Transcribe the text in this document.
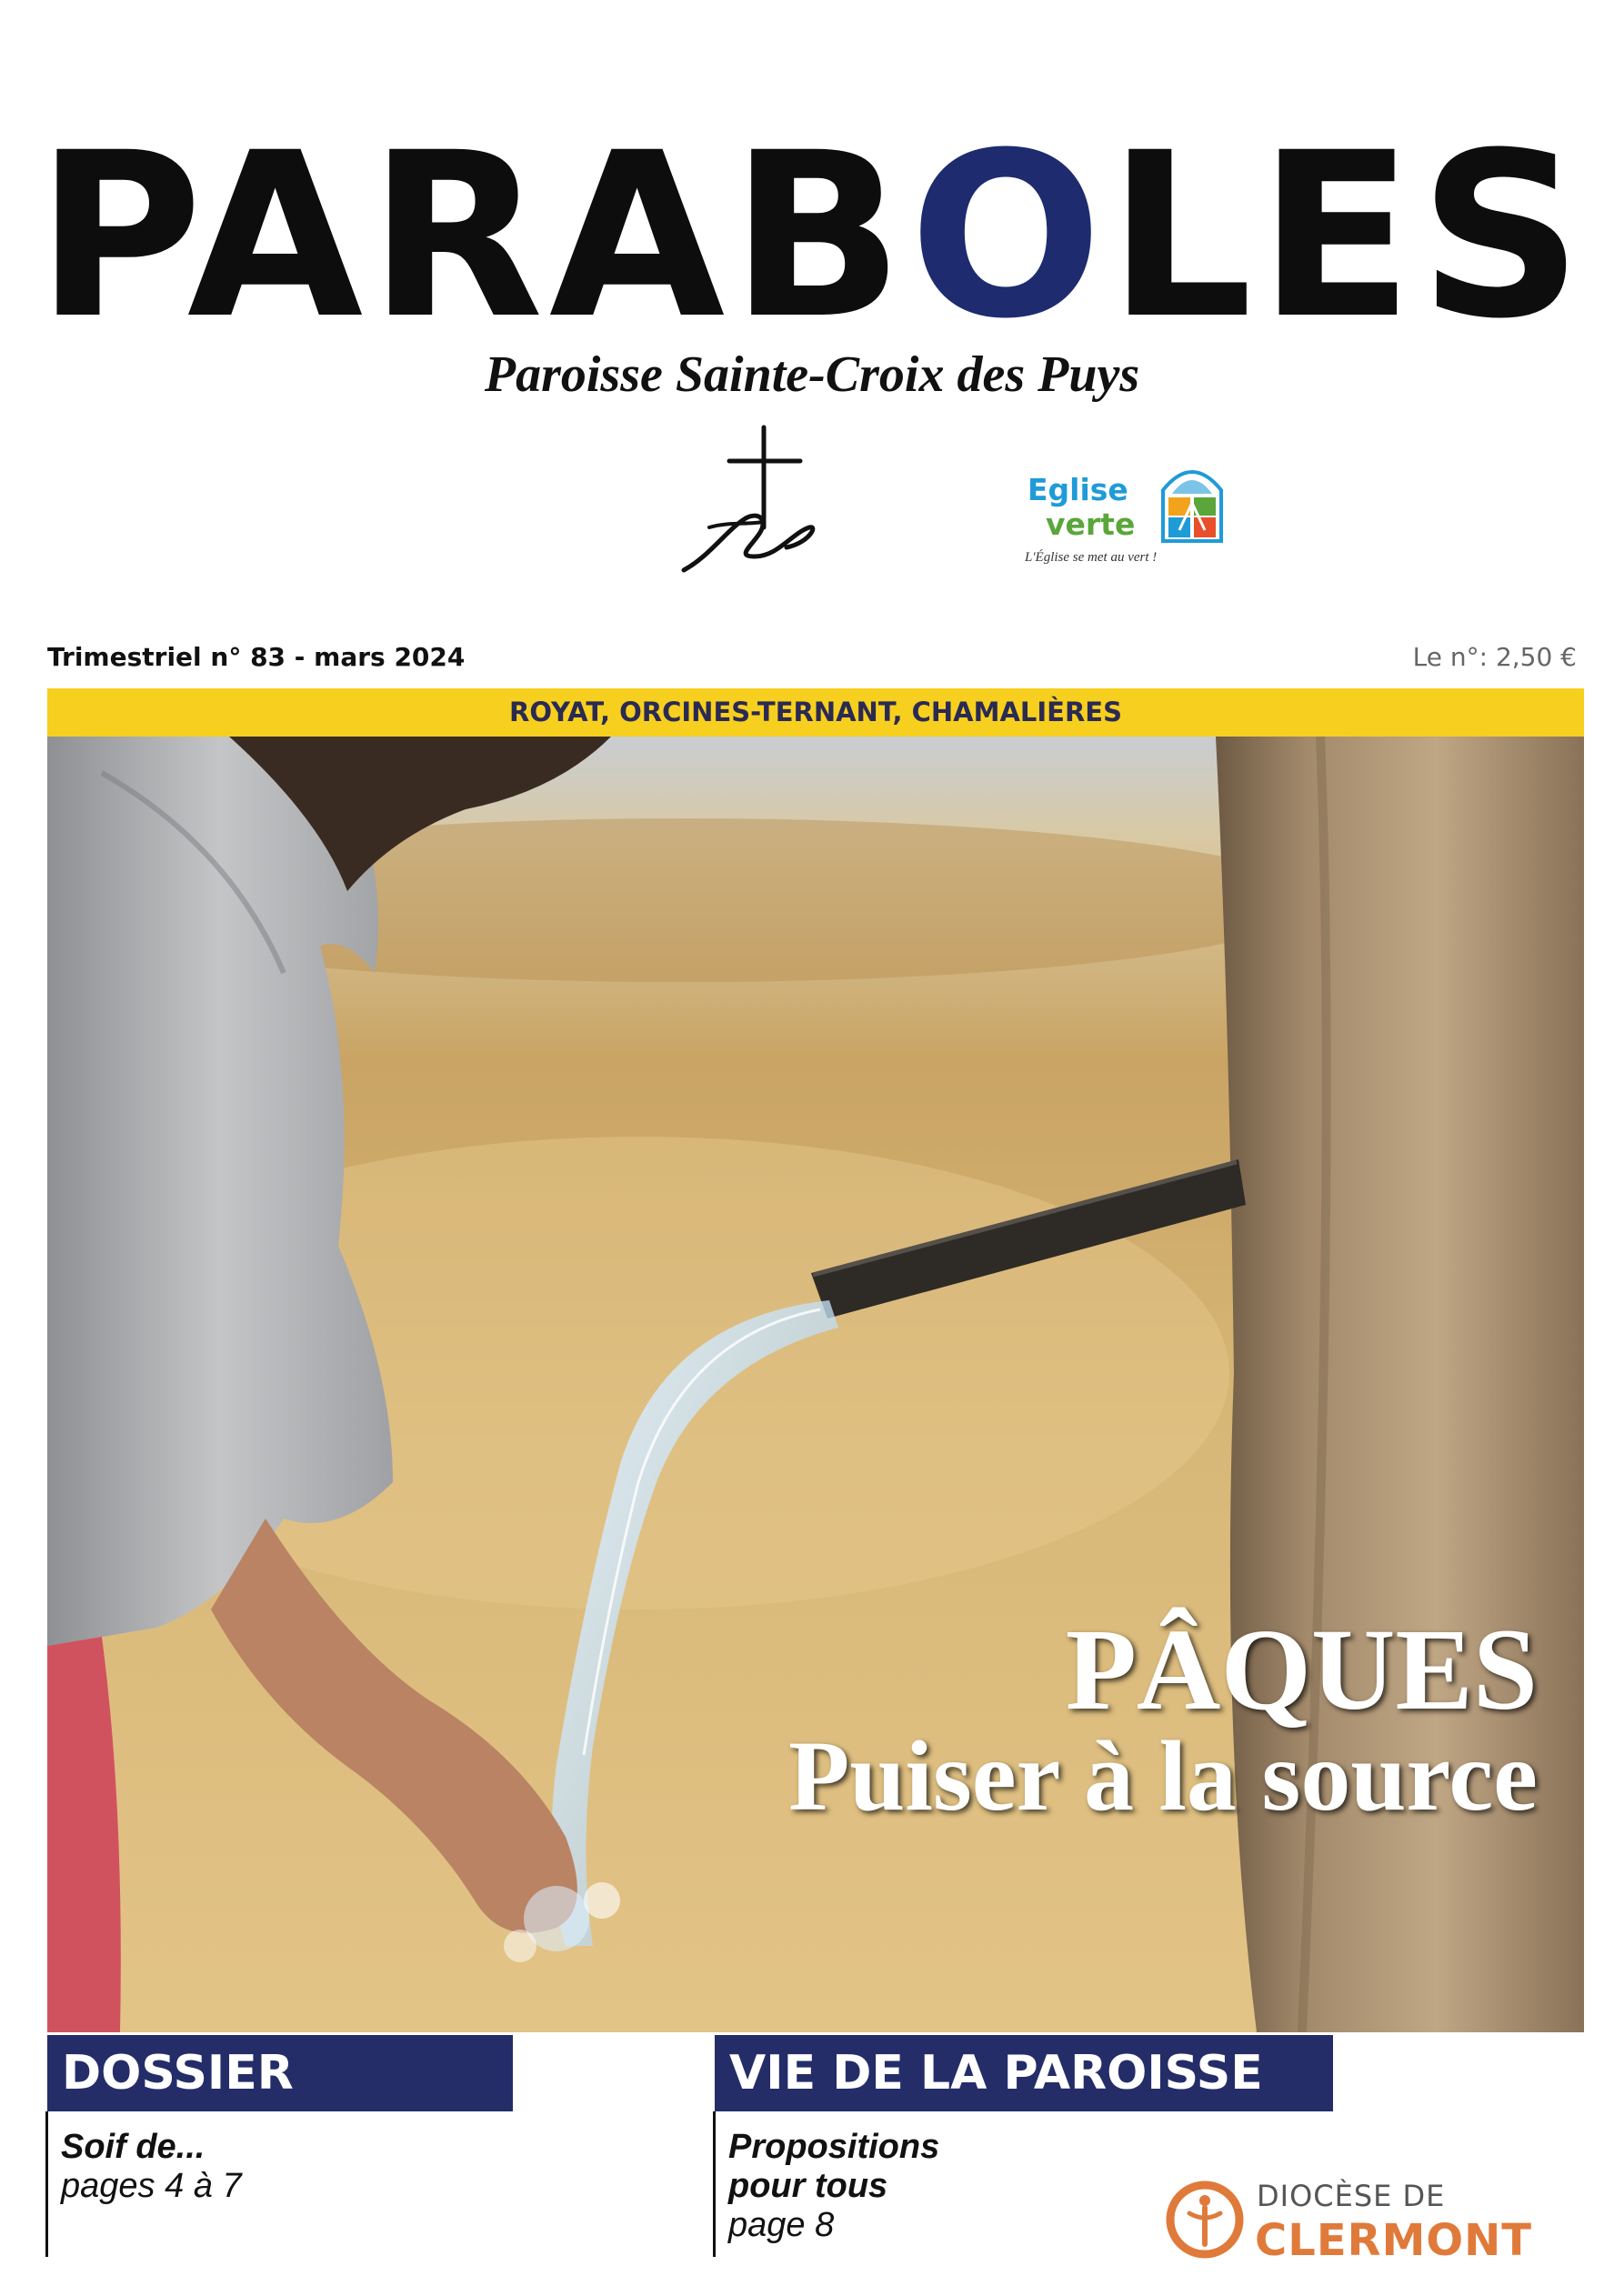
PARABOLES
Paroisse Sainte-Croix des Puys
Eglise
verte
L'Église se met au vert !
Trimestriel n° 83 - mars 2024	Le n°: 2,50 €
ROYAT, ORCINES-TERNANT, CHAMALIÈRES
PÂQUES
Puiser à la source
DOSSIER
Soif de...
pages 4 à 7
VIE DE LA PAROISSE
Propositions
pour tous
page 8
DIOCÈSE DE
CLERMONT
